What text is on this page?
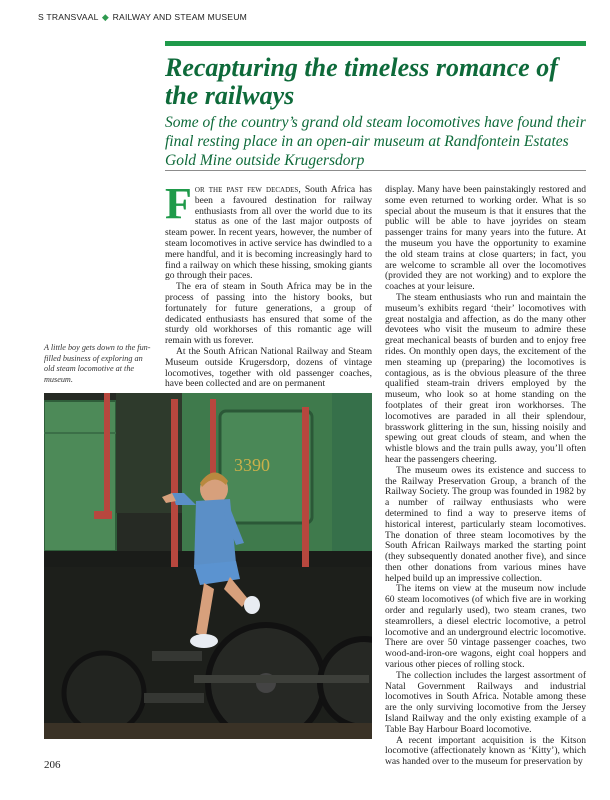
S TRANSVAAL ◆ RAILWAY AND STEAM MUSEUM
Recapturing the timeless romance of the railways

Some of the country’s grand old steam locomotives have found their final resting place in an open-air museum at Randfontein Estates Gold Mine outside Krugersdorp

For the past few decades, South Africa has been a favoured destination for railway enthusiasts from all over the world due to its status as one of the last major outposts of steam power. In recent years, however, the number of steam locomotives in active service has dwindled to a mere handful, and it is becoming increasingly hard to find a railway on which these hissing, smoking giants go through their paces.

The era of steam in South Africa may be in the process of passing into the history books, but fortunately for future generations, a group of dedicated enthusiasts has ensured that some of the sturdy old workhorses of this romantic age will remain with us forever.

At the South African National Railway and Steam Museum outside Krugersdorp, dozens of vintage locomotives, together with old passenger coaches, have been collected and are on permanent

display. Many have been painstakingly restored and some even returned to working order. What is so special about the museum is that it ensures that the public will be able to have joyrides on steam passenger trains for many years into the future. At the museum you have the opportunity to examine the old steam trains at close quarters; in fact, you are welcome to scramble all over the locomotives (provided they are not working) and to explore the coaches at your leisure.

The steam enthusiasts who run and maintain the museum’s exhibits regard ‘their’ locomotives with great nostalgia and affection, as do the many other devotees who visit the museum to admire these great mechanical beasts of burden and to enjoy free rides. On monthly open days, the excitement of the men steaming up (preparing) the locomotives is contagious, as is the obvious pleasure of the three qualified steam-train drivers employed by the museum, who look so at home standing on the footplates of their great iron workhorses. The locomotives are paraded in all their splendour, brasswork glittering in the sun, hissing noisily and spewing out great clouds of steam, and when the whistle blows and the train pulls away, you’ll often hear the passengers cheering.

The museum owes its existence and success to the Railway Preservation Group, a branch of the Railway Society. The group was founded in 1982 by a number of railway enthusiasts who were determined to find a way to preserve items of historical interest, particularly steam locomotives. The donation of three steam locomotives by the South African Railways marked the starting point (they subsequently donated another five), and since then other donations from various mines have helped build up an impressive collection.

The items on view at the museum now include 60 steam locomotives (of which five are in working order and regularly used), two steam cranes, two steamrollers, a diesel electric locomotive, a petrol locomotive and an underground electric locomotive. There are over 50 vintage passenger coaches, two wood-and-iron-ore wagons, eight coal hoppers and various other pieces of rolling stock.

The collection includes the largest assortment of Natal Government Railways and industrial locomotives in South Africa. Notable among these are the only surviving locomotive from the Jersey Island Railway and the only existing example of a Table Bay Harbour Board locomotive.

A recent important acquisition is the Kitson locomotive (affectionately known as ‘Kitty’), which was handed over to the museum for preservation by

A little boy gets down to the fun-filled business of exploring an old steam locomotive at the museum.

3390
206
